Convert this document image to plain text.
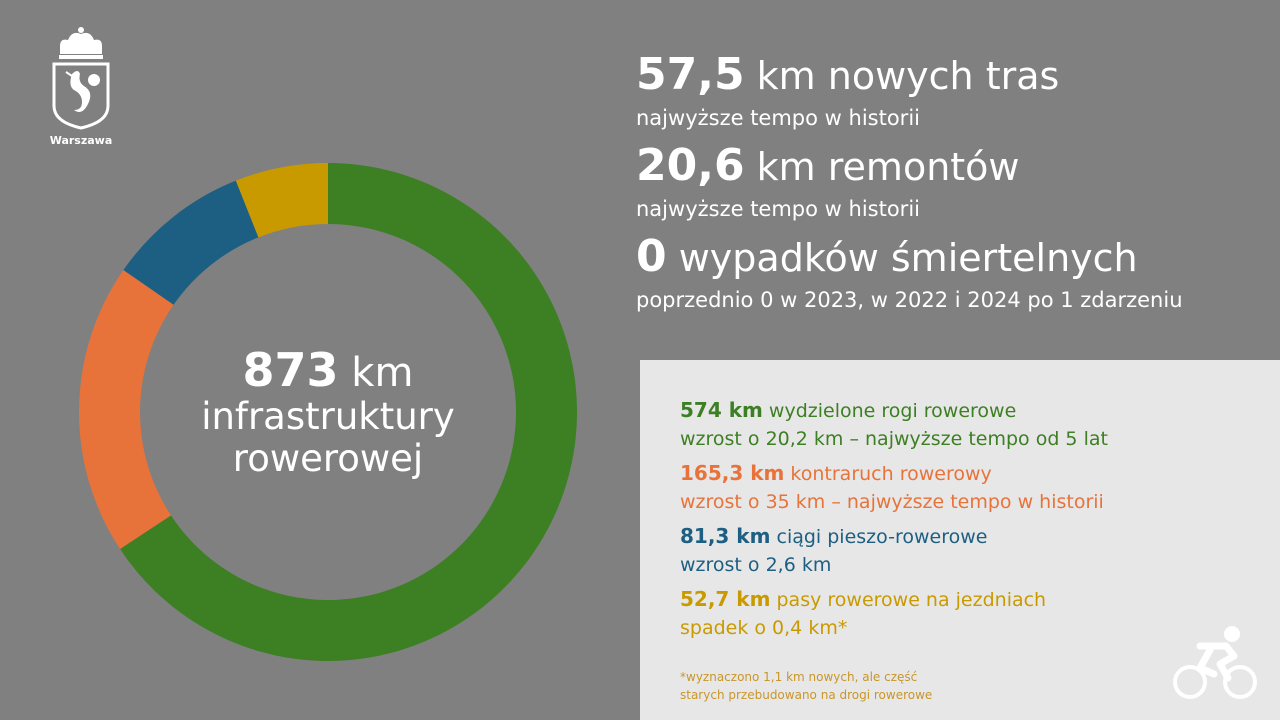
Warszawa
873 km
infrastruktury
rowerowej
57,5 km nowych tras
najwyższe tempo w historii
20,6 km remontów
najwyższe tempo w historii
0 wypadków śmiertelnych
poprzednio 0 w 2023, w 2022 i 2024 po 1 zdarzeniu
574 km wydzielone rogi rowerowe
wzrost o 20,2 km – najwyższe tempo od 5 lat
165,3 km kontraruch rowerowy
wzrost o 35 km – najwyższe tempo w historii
81,3 km ciągi pieszo-rowerowe
wzrost o 2,6 km
52,7 km pasy rowerowe na jezdniach
spadek o 0,4 km*
*wyznaczono 1,1 km nowych, ale część
starych przebudowano na drogi rowerowe
